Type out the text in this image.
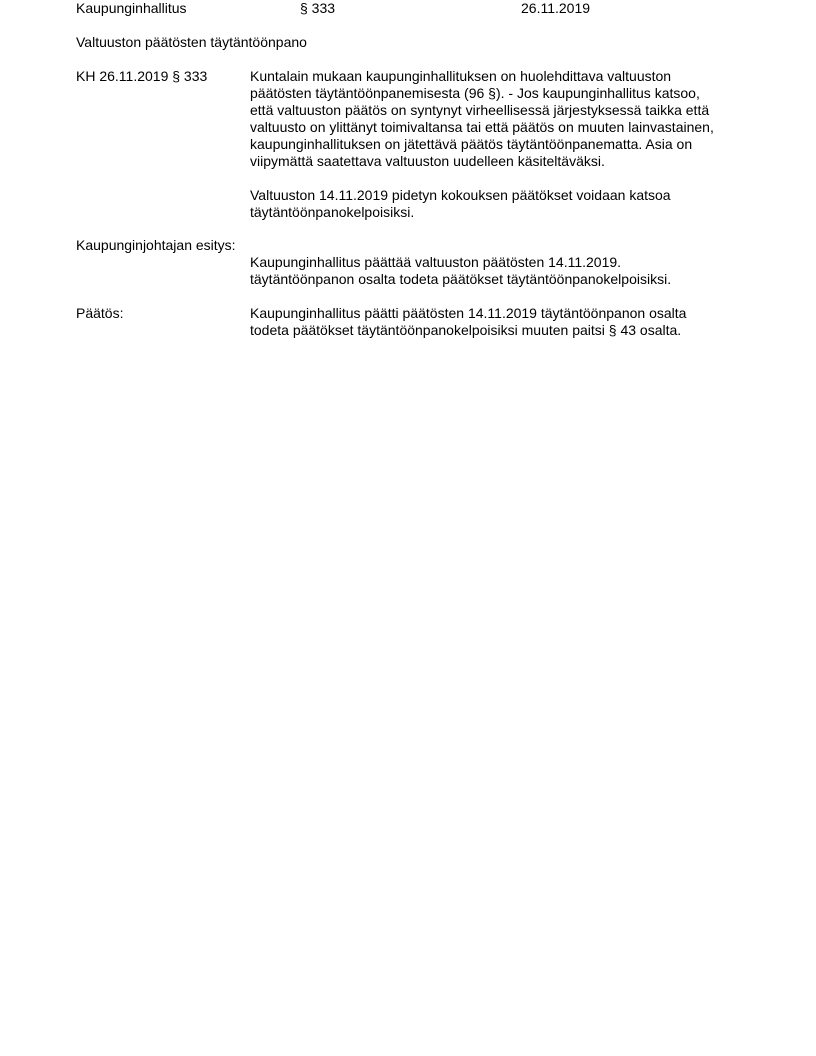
Kaupunginhallitus	§ 333	26.11.2019
Valtuuston päätösten täytäntöönpano
KH 26.11.2019 § 333	Kuntalain mukaan kaupunginhallituksen on huolehdittava valtuuston

päätösten täytäntöönpanemisesta (96 §). - Jos kaupunginhallitus katsoo,

että valtuuston päätös on syntynyt virheellisessä järjestyksessä taikka että

valtuusto on ylittänyt toimivaltansa tai että päätös on muuten lainvastainen,

kaupunginhallituksen on jätettävä päätös täytäntöönpanematta. Asia on

viipymättä saatettava valtuuston uudelleen käsiteltäväksi.

Valtuuston 14.11.2019 pidetyn kokouksen päätökset voidaan katsoa

täytäntöönpanokelpoisiksi.

Kaupunginjohtajan esitys:

Kaupunginhallitus päättää valtuuston päätösten 14.11.2019.

täytäntöönpanon osalta todeta päätökset täytäntöönpanokelpoisiksi.

Päätös:	Kaupunginhallitus päätti päätösten 14.11.2019 täytäntöönpanon osalta

todeta päätökset täytäntöönpanokelpoisiksi muuten paitsi § 43 osalta.
